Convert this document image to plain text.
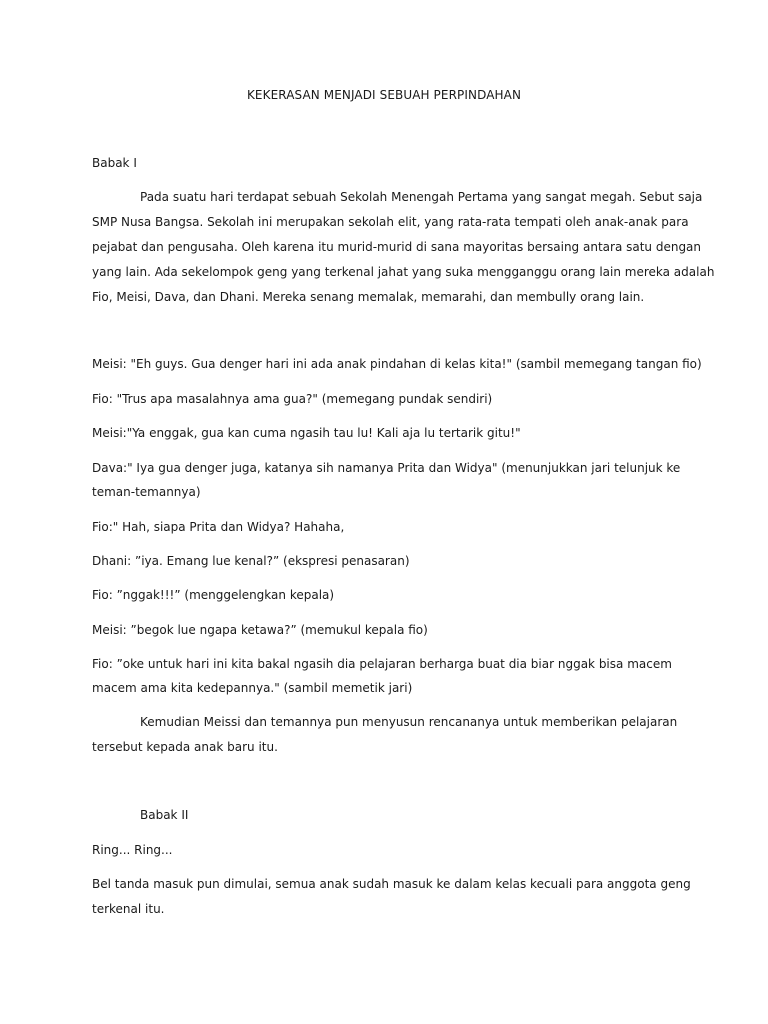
KEKERASAN MENJADI SEBUAH PERPINDAHAN
Babak I
Pada suatu hari terdapat sebuah Sekolah Menengah Pertama yang sangat megah. Sebut saja
SMP Nusa Bangsa. Sekolah ini merupakan sekolah elit, yang rata-rata tempati oleh anak-anak para
pejabat dan pengusaha. Oleh karena itu murid-murid di sana mayoritas bersaing antara satu dengan
yang lain. Ada sekelompok geng yang terkenal jahat yang suka mengganggu orang lain mereka adalah
Fio, Meisi, Dava, dan Dhani. Mereka senang memalak, memarahi, dan membully orang lain.
Meisi: "Eh guys. Gua denger hari ini ada anak pindahan di kelas kita!" (sambil memegang tangan fio)
Fio: "Trus apa masalahnya ama gua?" (memegang pundak sendiri)
Meisi:"Ya enggak, gua kan cuma ngasih tau lu! Kali aja lu tertarik gitu!"
Dava:" Iya gua denger juga, katanya sih namanya Prita dan Widya" (menunjukkan jari telunjuk ke
teman-temannya)
Fio:" Hah, siapa Prita dan Widya? Hahaha,
Dhani: ”iya. Emang lue kenal?” (ekspresi penasaran)
Fio: ”nggak!!!” (menggelengkan kepala)
Meisi: ”begok lue ngapa ketawa?” (memukul kepala fio)
Fio: ”oke untuk hari ini kita bakal ngasih dia pelajaran berharga buat dia biar nggak bisa macem
macem ama kita kedepannya." (sambil memetik jari)
Kemudian Meissi dan temannya pun menyusun rencananya untuk memberikan pelajaran
tersebut kepada anak baru itu.
Babak II
Ring... Ring...
Bel tanda masuk pun dimulai, semua anak sudah masuk ke dalam kelas kecuali para anggota geng
terkenal itu.
